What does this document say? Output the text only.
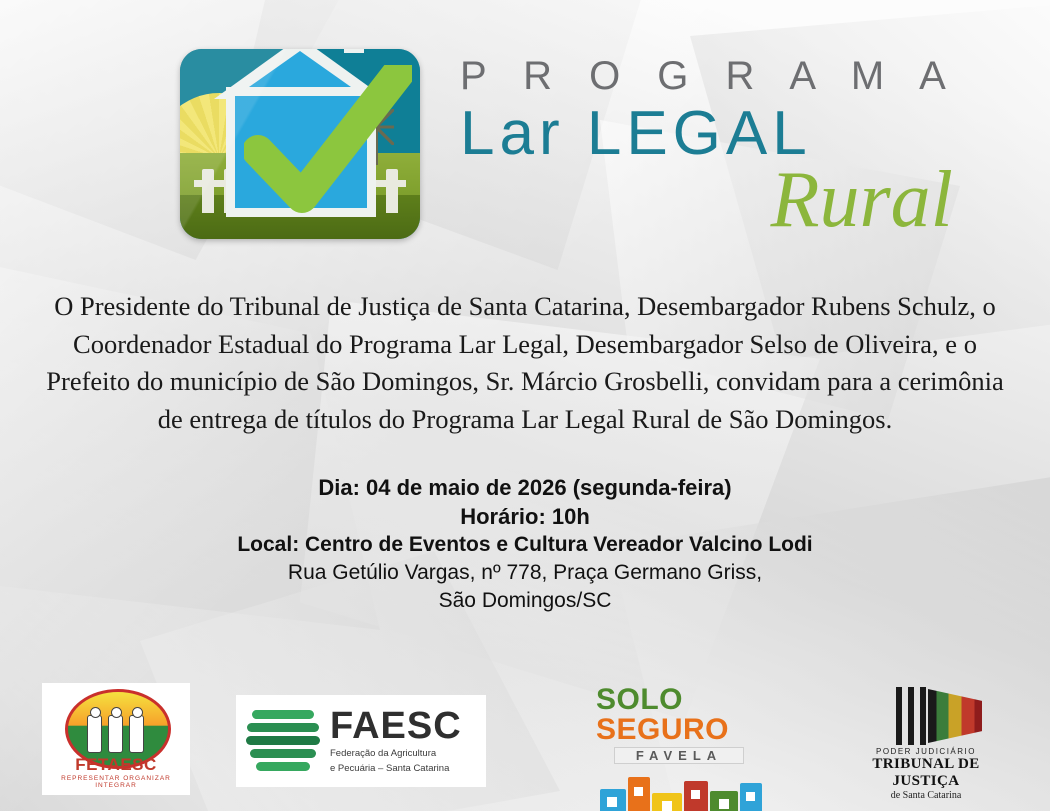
P R O G R A M A
Lar LEGAL
Rural
O Presidente do Tribunal de Justiça de Santa Catarina, Desembargador Rubens Schulz, o Coordenador Estadual do Programa Lar Legal, Desembargador Selso de Oliveira, e o Prefeito do município de São Domingos, Sr. Márcio Grosbelli, convidam para a cerimônia de entrega de títulos do Programa Lar Legal Rural de São Domingos.
Dia: 04 de maio de 2026 (segunda-feira)
Horário: 10h
Local: Centro de Eventos e Cultura Vereador Valcino Lodi
Rua Getúlio Vargas, nº 778, Praça Germano Griss,
São Domingos/SC
FETAESC
REPRESENTAR ORGANIZAR INTEGRAR
FAESC
Federação da Agricultura
e Pecuária – Santa Catarina
SOLO SEGURO
FAVELA	PODER JUDICIÁRIO
TRIBUNAL DE JUSTIÇA
de Santa Catarina
